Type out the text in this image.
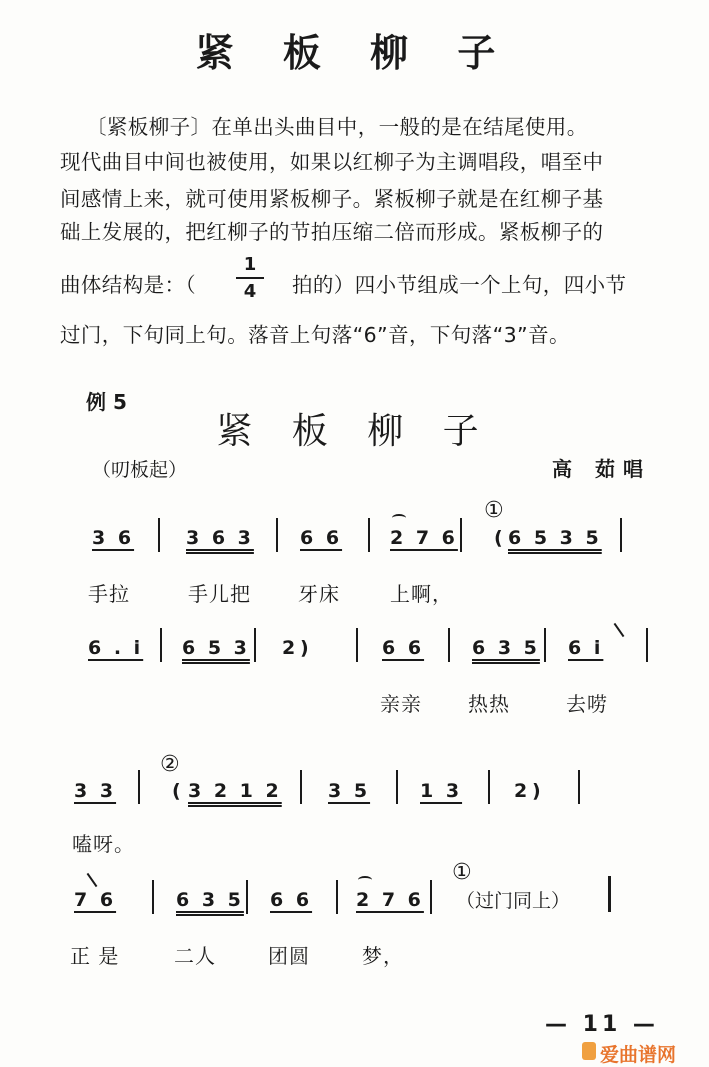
紧 板 柳 子
〔紧板柳子〕在单出头曲目中，一般的是在结尾使用。
现代曲目中间也被使用，如果以红柳子为主调唱段，唱至中
间感情上来，就可使用紧板柳子。紧板柳子就是在红柳子基
础上发展的，把红柳子的节拍压缩二倍而形成。紧板柳子的
曲体结构是：（
1
4	拍的）四小节组成一个上句，四小节
过门，下句同上句。落音上句落“6”音，下句落“3”音。
例 5
紧 板 柳 子
（叨板起）	高 茹唱
3 6	3 6 3 6 6	2 7 6
①
( 6 5 3 5
手拉	手儿把 牙床	上啊，
6 . i 6 5 3 2 )	6 6	6 3 5 6 i
亲亲 热热	去唠
3 3
②
( 3 2 1 2 3 5	1 3	2 )
嗑呀。
7 6	6 3 5 6 6 2 7 6
①
（过门同上）
正 是	二人	团圆	梦，
— 11 —
爱曲谱网
